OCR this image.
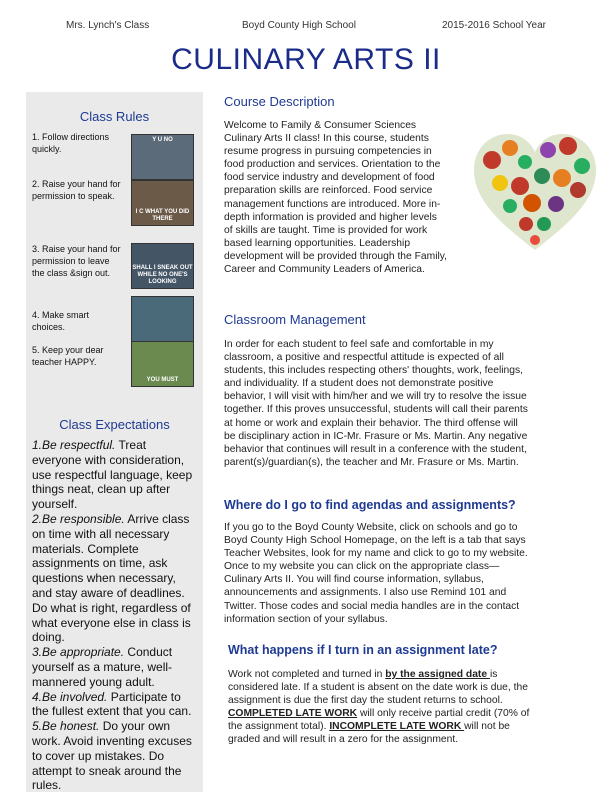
Mrs. Lynch's Class	Boyd County High School	2015-2016 School Year
CULINARY ARTS II
Class Rules
1. Follow directions quickly.
Y U NO
2. Raise your hand for permission to speak.
I C WHAT YOU DID THERE
3. Raise your hand for permission to leave the class &sign out.	SHALL I SNEAK OUT WHILE NO ONE'S LOOKING
4. Make smart choices.
5. Keep your dear teacher HAPPY.
YOU MUST
Class Expectations
1.Be respectful. Treat everyone with consideration, use respectful language, keep things neat, clean up after yourself.
2.Be responsible. Arrive class on time with all necessary materials. Complete assignments on time, ask questions when necessary, and stay aware of deadlines. Do what is right, regardless of what everyone else in class is doing.
3.Be appropriate. Conduct yourself as a mature, well-mannered young adult.
4.Be involved. Participate to the fullest extent that you can.
5.Be honest. Do your own work. Avoid inventing excuses to cover up mistakes. Do attempt to sneak around the rules.
Course Description
Welcome to Family & Consumer Sciences
Culinary Arts II class! In this course, students
resume progress in pursuing competencies in
food production and services. Orientation to the
food service industry and development of food
preparation skills are reinforced. Food service
management functions are introduced. More in-
depth information is provided and higher levels
of skills are taught. Time is provided for work
based learning opportunities. Leadership
development will be provided through the Family,
Career and Community Leaders of America.
Classroom Management
In order for each student to feel safe and comfortable in my
classroom, a positive and respectful attitude is expected of all
students, this includes respecting others' thoughts, work, feelings,
and individuality. If a student does not demonstrate positive
behavior, I will visit with him/her and we will try to resolve the issue
together. If this proves unsuccessful, students will call their parents
at home or work and explain their behavior. The third offense will
be disciplinary action in IC-Mr. Frasure or Ms. Martin. Any negative
behavior that continues will result in a conference with the student,
parent(s)/guardian(s), the teacher and Mr. Frasure or Ms. Martin.
Where do I go to find agendas and assignments?
If you go to the Boyd County Website, click on schools and go to
Boyd County High School Homepage, on the left is a tab that says
Teacher Websites, look for my name and click to go to my website.
Once to my website you can click on the appropriate class—
Culinary Arts II. You will find course information, syllabus,
announcements and assignments. I also use Remind 101 and
Twitter. Those codes and social media handles are in the contact
information section of your syllabus.
What happens if I turn in an assignment late?
Work not completed and turned in by the assigned date is
considered late. If a student is absent on the date work is due, the
assignment is due the first day the student returns to school.
COMPLETED LATE WORK will only receive partial credit (70% of
the assignment total). INCOMPLETE LATE WORK will not be
graded and will result in a zero for the assignment.
